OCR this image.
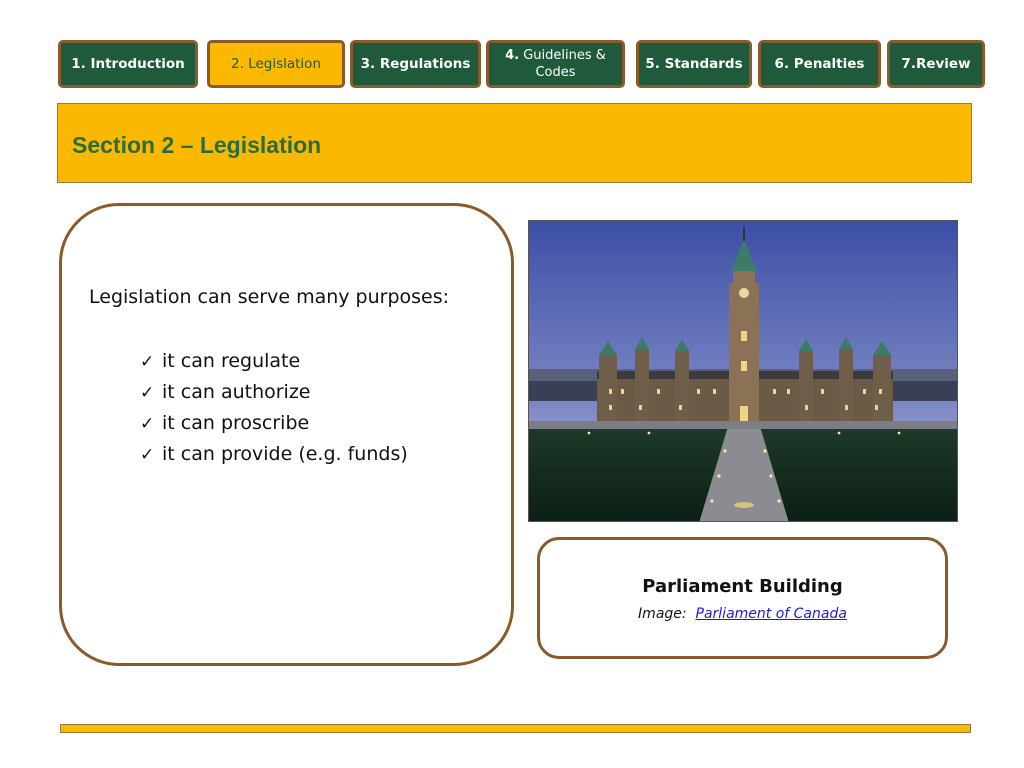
1. Introduction	2. Legislation	3. Regulations	4. Guidelines &
Codes
5. Standards 6. Penalties	7.Review
Section 2 – Legislation
Legislation can serve many purposes:
✓ it can regulate
✓ it can authorize
✓ it can proscribe
✓ it can provide (e.g. funds)
Parliament Building
Image: Parliament of Canada
